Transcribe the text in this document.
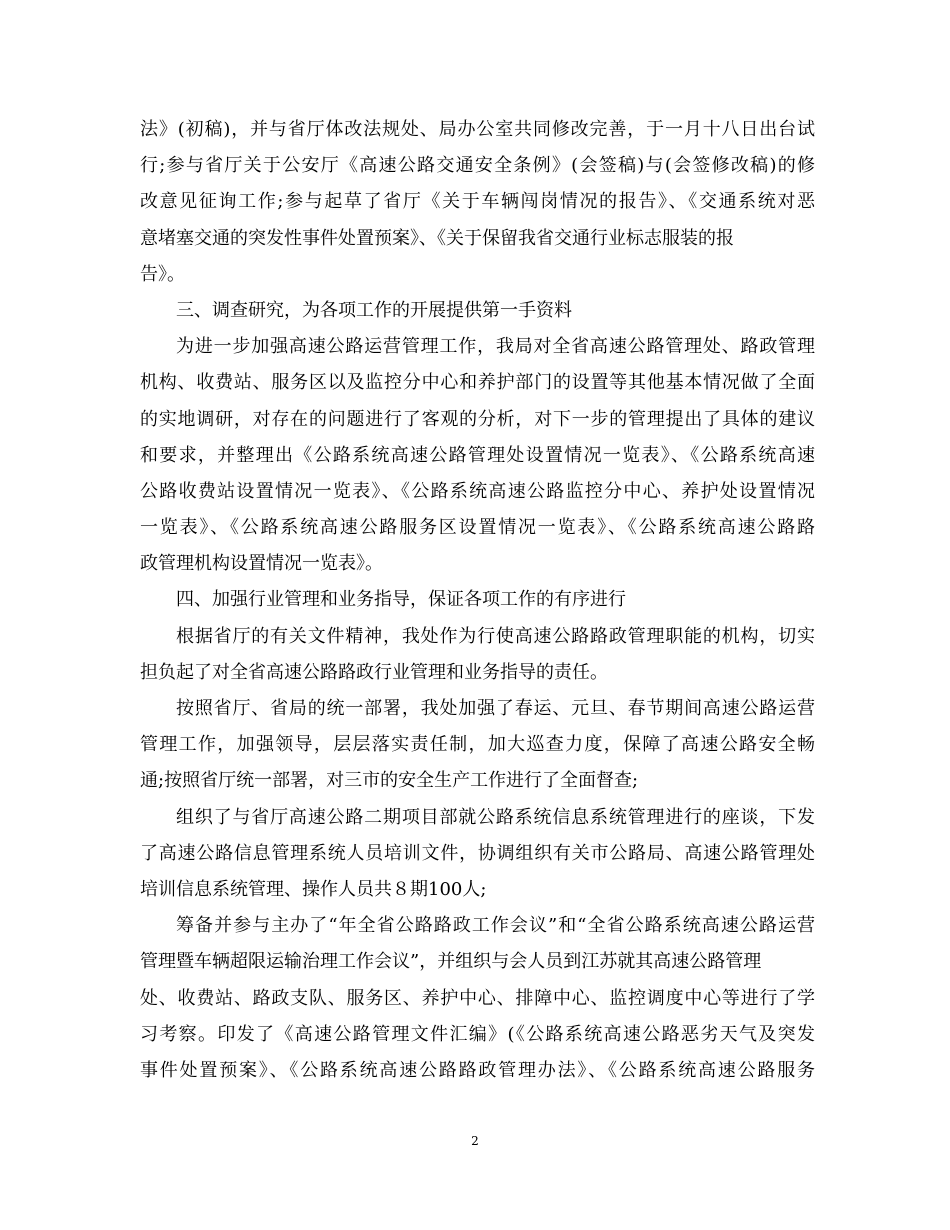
法》(初稿)，并与省厅体改法规处、局办公室共同修改完善，于一月十八日出台试
行;参与省厅关于公安厅《高速公路交通安全条例》(会签稿)与(会签修改稿)的修
改意见征询工作;参与起草了省厅《关于车辆闯岗情况的报告》、《交通系统对恶
意堵塞交通的突发性事件处置预案》、《关于保留我省交通行业标志服装的报
告》。
三、调查研究，为各项工作的开展提供第一手资料
为进一步加强高速公路运营管理工作，我局对全省高速公路管理处、路政管理
机构、收费站、服务区以及监控分中心和养护部门的设置等其他基本情况做了全面
的实地调研，对存在的问题进行了客观的分析，对下一步的管理提出了具体的建议
和要求，并整理出《公路系统高速公路管理处设置情况一览表》、《公路系统高速
公路收费站设置情况一览表》、《公路系统高速公路监控分中心、养护处设置情况
一览表》、《公路系统高速公路服务区设置情况一览表》、《公路系统高速公路路
政管理机构设置情况一览表》。
四、加强行业管理和业务指导，保证各项工作的有序进行
根据省厅的有关文件精神，我处作为行使高速公路路政管理职能的机构，切实
担负起了对全省高速公路路政行业管理和业务指导的责任。
按照省厅、省局的统一部署，我处加强了春运、元旦、春节期间高速公路运营
管理工作，加强领导，层层落实责任制，加大巡查力度，保障了高速公路安全畅
通;按照省厅统一部署，对三市的安全生产工作进行了全面督查;
组织了与省厅高速公路二期项目部就公路系统信息系统管理进行的座谈，下发
了高速公路信息管理系统人员培训文件，协调组织有关市公路局、高速公路管理处
培训信息系统管理、操作人员共８期100人;
筹备并参与主办了“年全省公路路政工作会议”和“全省公路系统高速公路运营
管理暨车辆超限运输治理工作会议”，并组织与会人员到江苏就其高速公路管理
处、收费站、路政支队、服务区、养护中心、排障中心、监控调度中心等进行了学
习考察。印发了《高速公路管理文件汇编》(《公路系统高速公路恶劣天气及突发
事件处置预案》、《公路系统高速公路路政管理办法》、《公路系统高速公路服务
2
